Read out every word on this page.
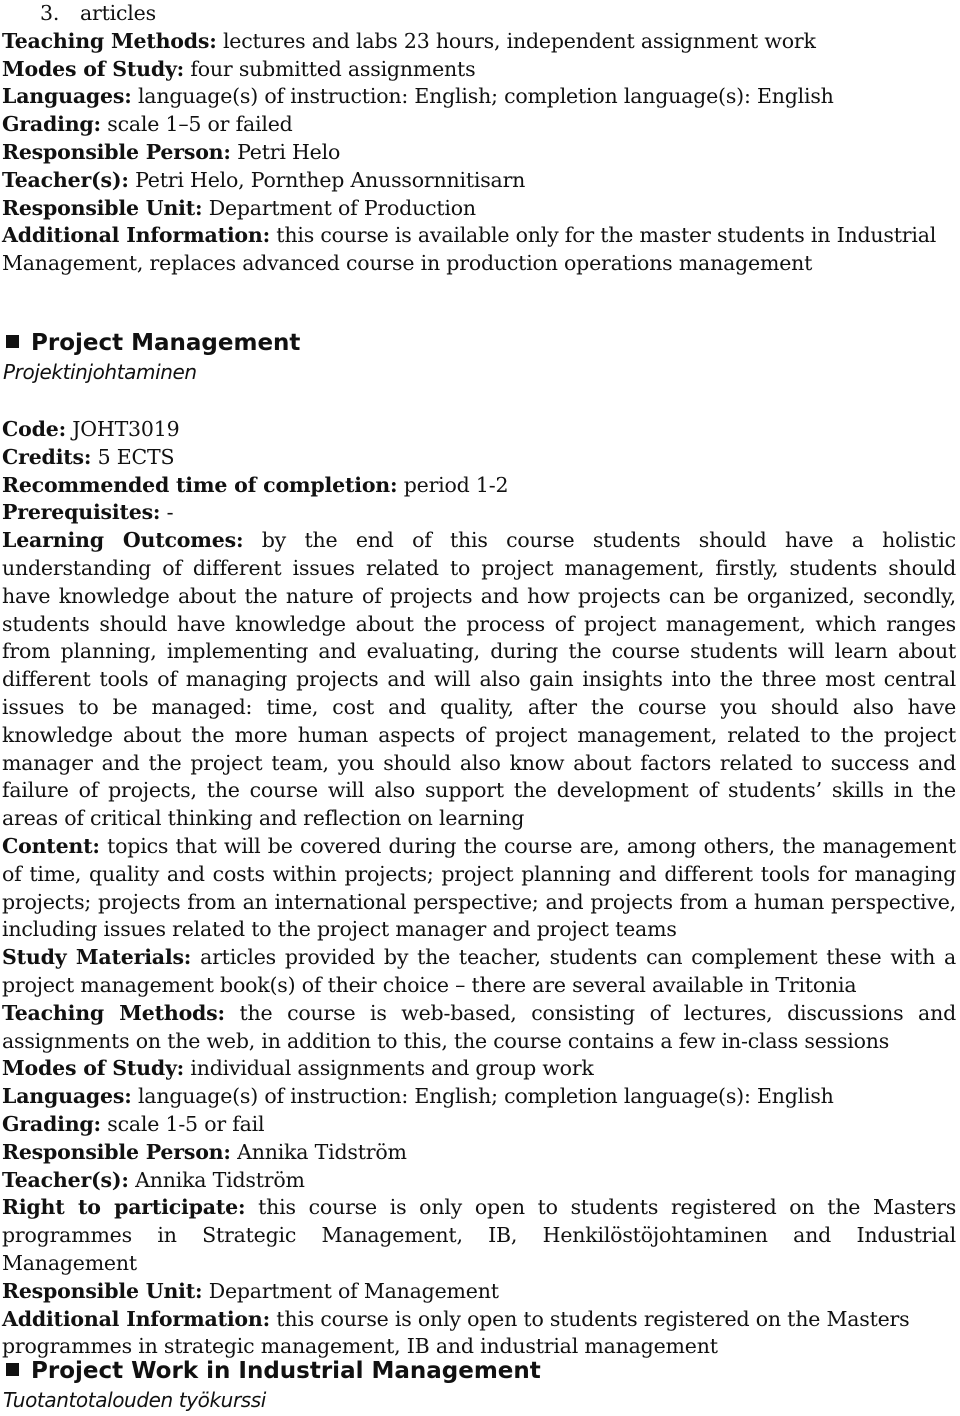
3. articles
Teaching Methods: lectures and labs 23 hours, independent assignment work
Modes of Study: four submitted assignments
Languages: language(s) of instruction: English; completion language(s): English
Grading: scale 1–5 or failed
Responsible Person: Petri Helo
Teacher(s): Petri Helo, Pornthep Anussornnitisarn
Responsible Unit: Department of Production
Additional Information: this course is available only for the master students in Industrial
Management, replaces advanced course in production operations management
Project Management
Projektinjohtaminen
Code: JOHT3019
Credits: 5 ECTS
Recommended time of completion: period 1-2
Prerequisites: -
Learning Outcomes: by the end of this course students should have a holistic understanding of different issues related to project management, firstly, students should have knowledge about the nature of projects and how projects can be organized, secondly, students should have knowledge about the process of project management, which ranges from planning, implementing and evaluating, during the course students will learn about different tools of managing projects and will also gain insights into the three most central issues to be managed: time, cost and quality, after the course you should also have knowledge about the more human aspects of project management, related to the project manager and the project team, you should also know about factors related to success and failure of projects, the course will also support the development of students’ skills in the areas of critical thinking and reflection on learning
Content: topics that will be covered during the course are, among others, the management of time, quality and costs within projects; project planning and different tools for managing projects; projects from an international perspective; and projects from a human perspective, including issues related to the project manager and project teams
Study Materials: articles provided by the teacher, students can complement these with a project management book(s) of their choice – there are several available in Tritonia
Teaching Methods: the course is web-based, consisting of lectures, discussions and assignments on the web, in addition to this, the course contains a few in-class sessions
Modes of Study: individual assignments and group work
Languages: language(s) of instruction: English; completion language(s): English
Grading: scale 1-5 or fail
Responsible Person: Annika Tidström
Teacher(s): Annika Tidström
Right to participate: this course is only open to students registered on the Masters programmes in Strategic Management, IB, Henkilöstöjohtaminen and Industrial Management
Responsible Unit: Department of Management
Additional Information: this course is only open to students registered on the Masters
programmes in strategic management, IB and industrial management
Project Work in Industrial Management
Tuotantotalouden työkurssi
